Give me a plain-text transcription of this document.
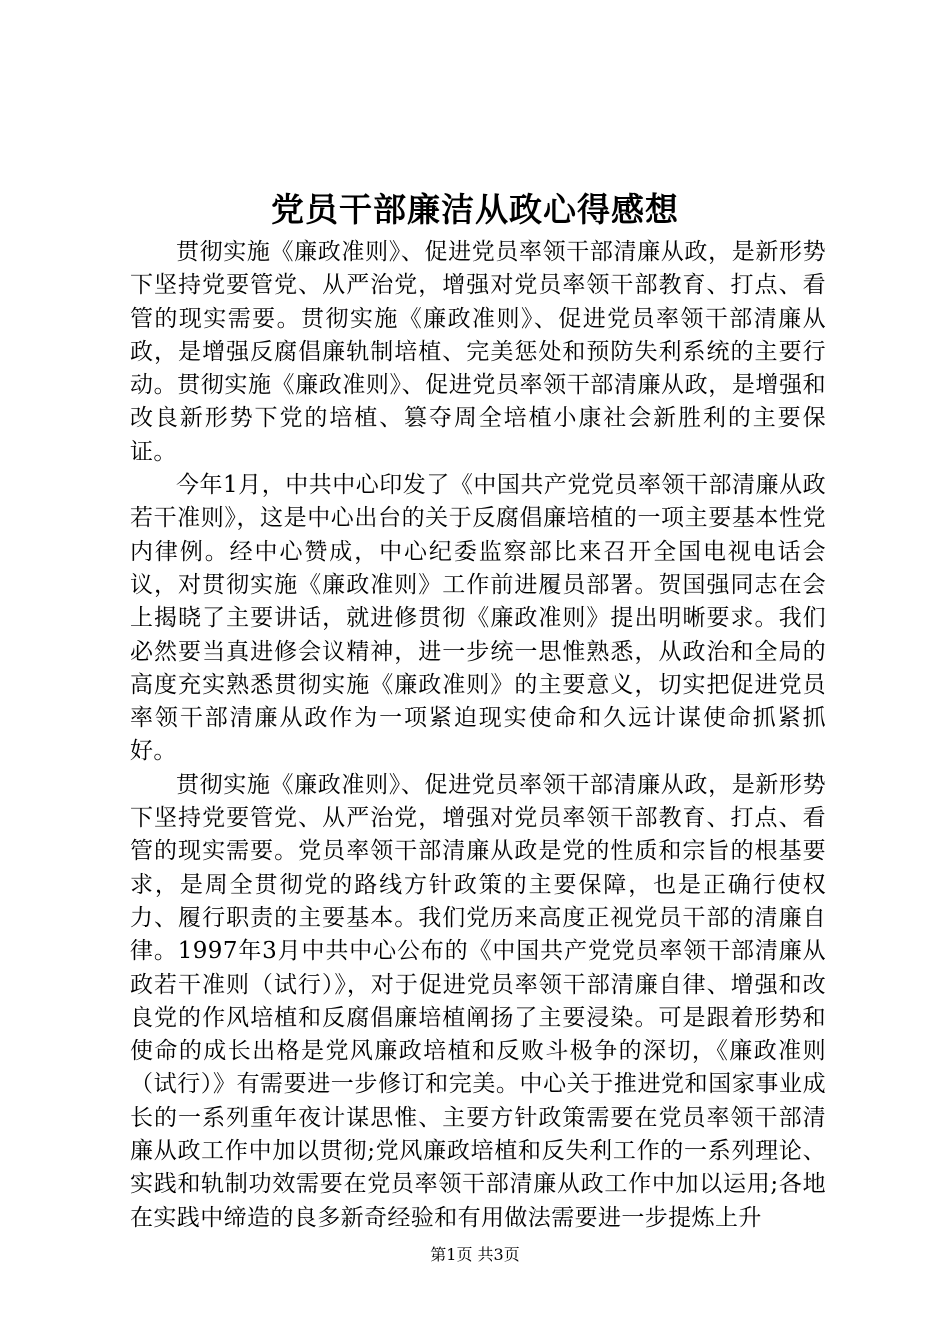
党员干部廉洁从政心得感想

贯彻实施《廉政准则》、促进党员率领干部清廉从政，是新形势下坚持党要管党、从严治党，增强对党员率领干部教育、打点、看管的现实需要。贯彻实施《廉政准则》、促进党员率领干部清廉从政，是增强反腐倡廉轨制培植、完美惩处和预防失利系统的主要行动。贯彻实施《廉政准则》、促进党员率领干部清廉从政，是增强和改良新形势下党的培植、篡夺周全培植小康社会新胜利的主要保证。

今年1月，中共中心印发了《中国共产党党员率领干部清廉从政若干准则》，这是中心出台的关于反腐倡廉培植的一项主要基本性党内律例。经中心赞成，中心纪委监察部比来召开全国电视电话会议，对贯彻实施《廉政准则》工作前进履员部署。贺国强同志在会上揭晓了主要讲话，就进修贯彻《廉政准则》提出明晰要求。我们必然要当真进修会议精神，进一步统一思惟熟悉，从政治和全局的高度充实熟悉贯彻实施《廉政准则》的主要意义，切实把促进党员率领干部清廉从政作为一项紧迫现实使命和久远计谋使命抓紧抓好。

贯彻实施《廉政准则》、促进党员率领干部清廉从政，是新形势下坚持党要管党、从严治党，增强对党员率领干部教育、打点、看管的现实需要。党员率领干部清廉从政是党的性质和宗旨的根基要求，是周全贯彻党的路线方针政策的主要保障，也是正确行使权力、履行职责的主要基本。我们党历来高度正视党员干部的清廉自律。1997年3月中共中心公布的《中国共产党党员率领干部清廉从政若干准则（试行）》，对于促进党员率领干部清廉自律、增强和改良党的作风培植和反腐倡廉培植阐扬了主要浸染。可是跟着形势和使命的成长出格是党风廉政培植和反败斗极争的深切，《廉政准则（试行）》有需要进一步修订和完美。中心关于推进党和国家事业成长的一系列重年夜计谋思惟、主要方针政策需要在党员率领干部清廉从政工作中加以贯彻;党风廉政培植和反失利工作的一系列理论、实践和轨制功效需要在党员率领干部清廉从政工作中加以运用;各地在实践中缔造的良多新奇经验和有用做法需要进一步提炼上升

第1页 共3页
